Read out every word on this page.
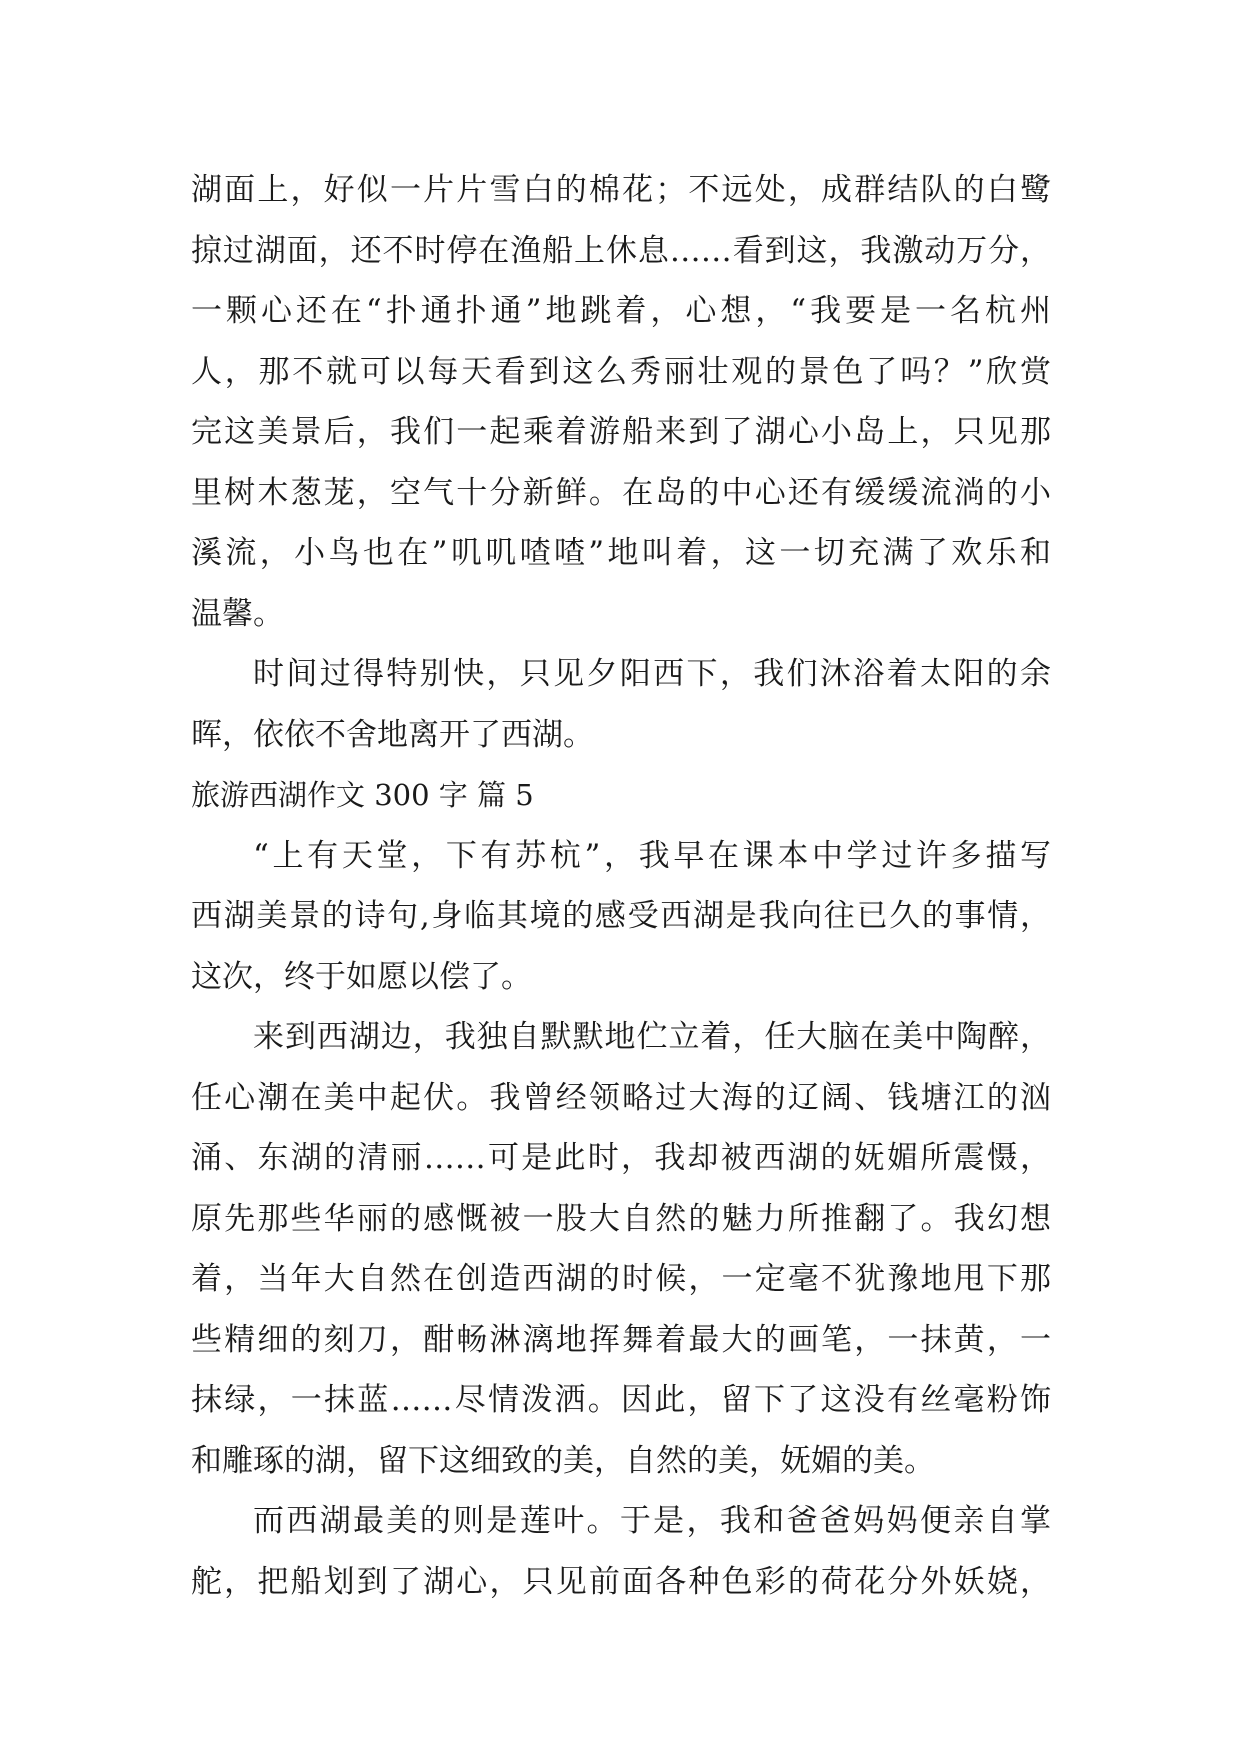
湖面上，好似一片片雪白的棉花；不远处，成群结队的白鹭
掠过湖面，还不时停在渔船上休息……看到这，我激动万分，
一颗心还在“扑通扑通”地跳着，心想，“我要是一名杭州
人，那不就可以每天看到这么秀丽壮观的景色了吗？”欣赏
完这美景后，我们一起乘着游船来到了湖心小岛上，只见那
里树木葱茏，空气十分新鲜。在岛的中心还有缓缓流淌的小
溪流，小鸟也在”叽叽喳喳”地叫着，这一切充满了欢乐和
温馨。
时间过得特别快，只见夕阳西下，我们沐浴着太阳的余
晖，依依不舍地离开了西湖。
旅游西湖作文 300 字 篇 5
“上有天堂，下有苏杭”，我早在课本中学过许多描写
西湖美景的诗句,身临其境的感受西湖是我向往已久的事情，
这次，终于如愿以偿了。
来到西湖边，我独自默默地伫立着，任大脑在美中陶醉，
任心潮在美中起伏。我曾经领略过大海的辽阔、钱塘江的汹
涌、东湖的清丽……可是此时，我却被西湖的妩媚所震慑，
原先那些华丽的感慨被一股大自然的魅力所推翻了。我幻想
着，当年大自然在创造西湖的时候，一定毫不犹豫地甩下那
些精细的刻刀，酣畅淋漓地挥舞着最大的画笔，一抹黄，一
抹绿，一抹蓝……尽情泼洒。因此，留下了这没有丝毫粉饰
和雕琢的湖，留下这细致的美，自然的美，妩媚的美。
而西湖最美的则是莲叶。于是，我和爸爸妈妈便亲自掌
舵，把船划到了湖心，只见前面各种色彩的荷花分外妖娆，
